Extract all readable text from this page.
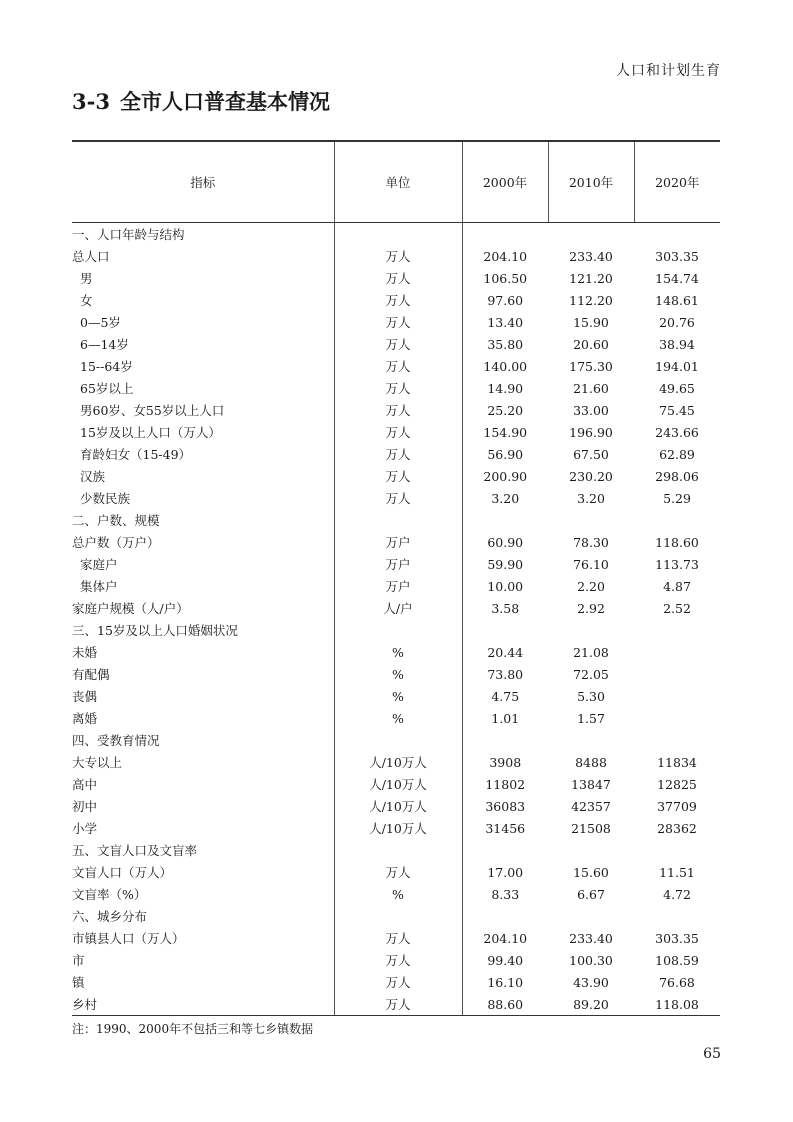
人口和计划生育
3-3 全市人口普查基本情况
指标	单位	2000年	2010年	2020年
一、人口年龄与结构				
总人口	万人	204.10	233.40	303.35
男	万人	106.50	121.20	154.74
女	万人	97.60	112.20	148.61
0—5岁	万人	13.40	15.90	20.76
6—14岁	万人	35.80	20.60	38.94
15--64岁	万人	140.00	175.30	194.01
65岁以上	万人	14.90	21.60	49.65
男60岁、女55岁以上人口	万人	25.20	33.00	75.45
15岁及以上人口（万人）	万人	154.90	196.90	243.66
育龄妇女（15-49）	万人	56.90	67.50	62.89
汉族	万人	200.90	230.20	298.06
少数民族	万人	3.20	3.20	5.29
二、户数、规模				
总户数（万户）	万户	60.90	78.30	118.60
家庭户	万户	59.90	76.10	113.73
集体户	万户	10.00	2.20	4.87
家庭户规模（人/户）	人/户	3.58	2.92	2.52
三、15岁及以上人口婚姻状况				
未婚	%	20.44	21.08	
有配偶	%	73.80	72.05	
丧偶	%	4.75	5.30	
离婚	%	1.01	1.57	
四、受教育情况				
大专以上	人/10万人	3908	8488	11834
高中	人/10万人	11802	13847	12825
初中	人/10万人	36083	42357	37709
小学	人/10万人	31456	21508	28362
五、文盲人口及文盲率				
文盲人口（万人）	万人	17.00	15.60	11.51
文盲率（%）	%	8.33	6.67	4.72
六、城乡分布				
市镇县人口（万人）	万人	204.10	233.40	303.35
市	万人	99.40	100.30	108.59
镇	万人	16.10	43.90	76.68
乡村	万人	88.60	89.20	118.08
注：1990、2000年不包括三和等七乡镇数据
65
